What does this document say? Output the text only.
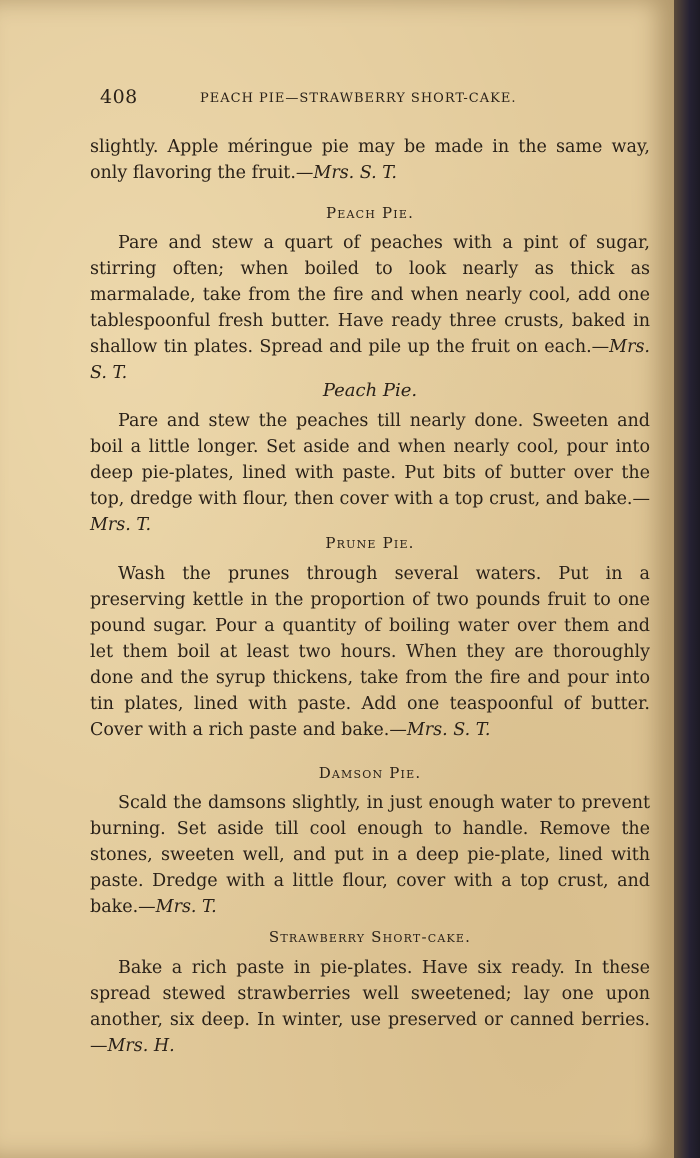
408	PEACH PIE—STRAWBERRY SHORT-CAKE.

slightly. Apple méringue pie may be made in the same way, only flavoring the fruit.—Mrs. S. T.

Peach Pie.

Pare and stew a quart of peaches with a pint of sugar, stirring often; when boiled to look nearly as thick as marmalade, take from the fire and when nearly cool, add one tablespoonful fresh butter. Have ready three crusts, baked in shallow tin plates. Spread and pile up the fruit on each.—Mrs. S. T.

Peach Pie.

Pare and stew the peaches till nearly done. Sweeten and boil a little longer. Set aside and when nearly cool, pour into deep pie-plates, lined with paste. Put bits of butter over the top, dredge with flour, then cover with a top crust, and bake.—Mrs. T.

Prune Pie.

Wash the prunes through several waters. Put in a preserving kettle in the proportion of two pounds fruit to one pound sugar. Pour a quantity of boiling water over them and let them boil at least two hours. When they are thoroughly done and the syrup thickens, take from the fire and pour into tin plates, lined with paste. Add one teaspoonful of butter. Cover with a rich paste and bake.—Mrs. S. T.

Damson Pie.

Scald the damsons slightly, in just enough water to prevent burning. Set aside till cool enough to handle. Remove the stones, sweeten well, and put in a deep pie-plate, lined with paste. Dredge with a little flour, cover with a top crust, and bake.—Mrs. T.

Strawberry Short-cake.

Bake a rich paste in pie-plates. Have six ready. In these spread stewed strawberries well sweetened; lay one upon another, six deep. In winter, use preserved or canned berries.—Mrs. H.
